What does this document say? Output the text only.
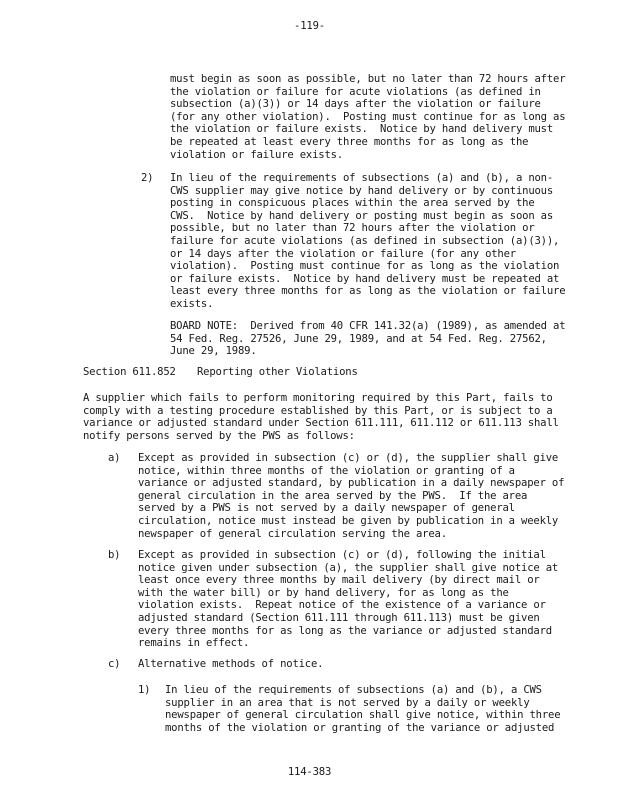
-119-
must begin as soon as possible, but no later than 72 hours after
the violation or failure for acute violations (as defined in
subsection (a)(3)) or 14 days after the violation or failure
(for any other violation).  Posting must continue for as long as
the violation or failure exists.  Notice by hand delivery must
be repeated at least every three months for as long as the
violation or failure exists.
2) In lieu of the requirements of subsections (a) and (b), a non-
CWS supplier may give notice by hand delivery or by continuous
posting in conspicuous places within the area served by the
CWS.  Notice by hand delivery or posting must begin as soon as
possible, but no later than 72 hours after the violation or
failure for acute violations (as defined in subsection (a)(3)),
or 14 days after the violation or failure (for any other
violation).  Posting must continue for as long as the violation
or failure exists.  Notice by hand delivery must be repeated at
least every three months for as long as the violation or failure
exists.
BOARD NOTE:  Derived from 40 CFR 141.32(a) (1989), as amended at
54 Fed. Reg. 27526, June 29, 1989, and at 54 Fed. Reg. 27562,
June 29, 1989.
Section 611.852 Reporting other Violations
A supplier which fails to perform monitoring required by this Part, fails to
comply with a testing procedure established by this Part, or is subject to a
variance or adjusted standard under Section 611.111, 611.112 or 611.113 shall
notify persons served by the PWS as follows:
a) Except as provided in subsection (c) or (d), the supplier shall give
notice, within three months of the violation or granting of a
variance or adjusted standard, by publication in a daily newspaper of
general circulation in the area served by the PWS.  If the area
served by a PWS is not served by a daily newspaper of general
circulation, notice must instead be given by publication in a weekly
newspaper of general circulation serving the area.
b) Except as provided in subsection (c) or (d), following the initial
notice given under subsection (a), the supplier shall give notice at
least once every three months by mail delivery (by direct mail or
with the water bill) or by hand delivery, for as long as the
violation exists.  Repeat notice of the existence of a variance or
adjusted standard (Section 611.111 through 611.113) must be given
every three months for as long as the variance or adjusted standard
remains in effect.
c) Alternative methods of notice.
1) In lieu of the requirements of subsections (a) and (b), a CWS
supplier in an area that is not served by a daily or weekly
newspaper of general circulation shall give notice, within three
months of the violation or granting of the variance or adjusted
114-383
